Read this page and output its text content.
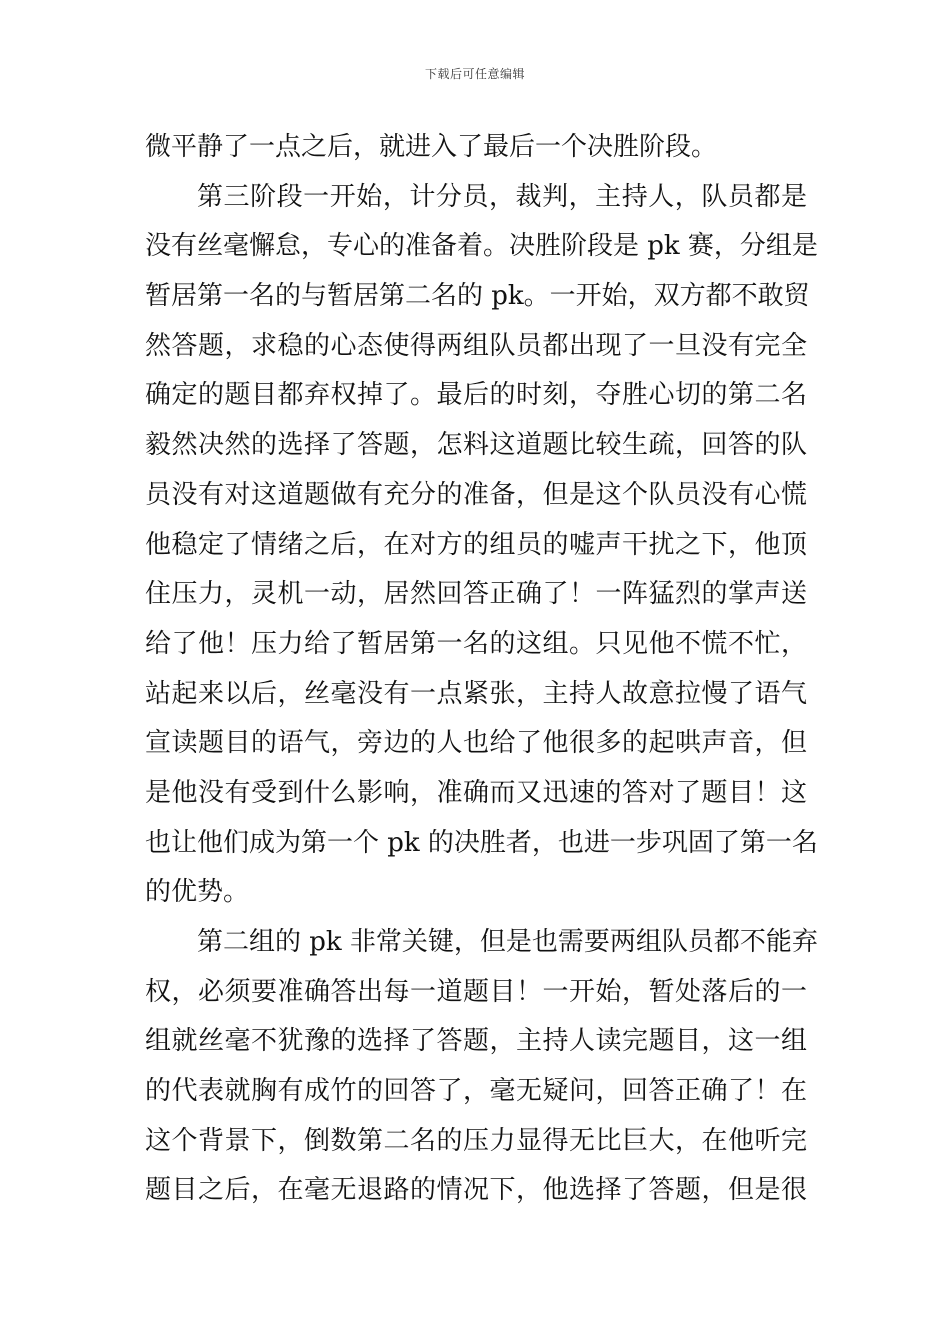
下载后可任意编辑
微平静了一点之后，就进入了最后一个决胜阶段。
第三阶段一开始，计分员，裁判，主持人，队员都是
没有丝毫懈怠，专心的准备着。决胜阶段是 pk 赛，分组是
暂居第一名的与暂居第二名的 pk。一开始，双方都不敢贸
然答题，求稳的心态使得两组队员都出现了一旦没有完全
确定的题目都弃权掉了。最后的时刻，夺胜心切的第二名
毅然决然的选择了答题，怎料这道题比较生疏，回答的队
员没有对这道题做有充分的准备，但是这个队员没有心慌
他稳定了情绪之后，在对方的组员的嘘声干扰之下，他顶
住压力，灵机一动，居然回答正确了！一阵猛烈的掌声送
给了他！压力给了暂居第一名的这组。只见他不慌不忙，
站起来以后，丝毫没有一点紧张，主持人故意拉慢了语气
宣读题目的语气，旁边的人也给了他很多的起哄声音，但
是他没有受到什么影响，准确而又迅速的答对了题目！这
也让他们成为第一个 pk 的决胜者，也进一步巩固了第一名
的优势。
第二组的 pk 非常关键，但是也需要两组队员都不能弃
权，必须要准确答出每一道题目！一开始，暂处落后的一
组就丝毫不犹豫的选择了答题，主持人读完题目，这一组
的代表就胸有成竹的回答了，毫无疑问，回答正确了！在
这个背景下，倒数第二名的压力显得无比巨大，在他听完
题目之后，在毫无退路的情况下，他选择了答题，但是很
